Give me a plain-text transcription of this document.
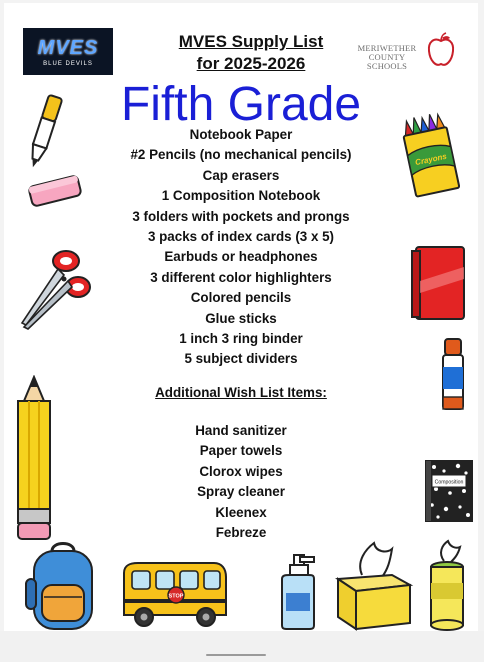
MVES
BLUE DEVILS
MVES Supply List
for 2025-2026
MERIWETHER
COUNTY SCHOOLS
Fifth Grade
Notebook Paper
#2 Pencils (no mechanical pencils)
Cap erasers
1 Composition Notebook
3 folders with pockets and prongs
3 packs of index cards (3 x 5)
Earbuds or headphones
3 different color highlighters
Colored pencils
Glue sticks
1 inch 3 ring binder
5 subject dividers
Additional Wish List Items:
Hand sanitizer
Paper towels
Clorox wipes
Spray cleaner
Kleenex
Febreze
STOP
Crayons
Composition
